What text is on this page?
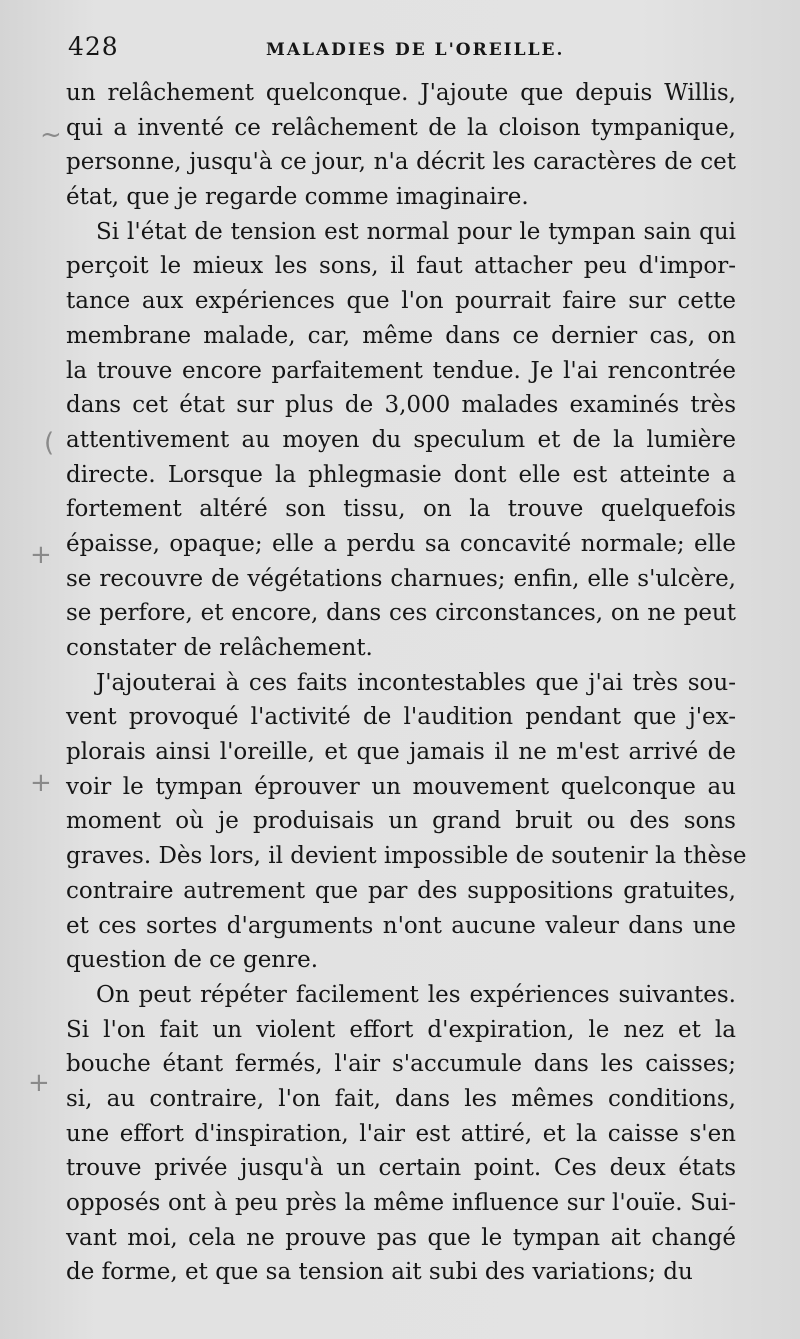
428	MALADIES DE L'OREILLE.
~
(
+
+
+
un relâchement quelconque. J'ajoute que depuis Willis,
qui a inventé ce relâchement de la cloison tympanique,
personne, jusqu'à ce jour, n'a décrit les caractères de cet
état, que je regarde comme imaginaire.
Si l'état de tension est normal pour le tympan sain qui
perçoit le mieux les sons, il faut attacher peu d'impor-
tance aux expériences que l'on pourrait faire sur cette
membrane malade, car, même dans ce dernier cas, on
la trouve encore parfaitement tendue. Je l'ai rencontrée
dans cet état sur plus de 3,000 malades examinés très
attentivement au moyen du speculum et de la lumière
directe. Lorsque la phlegmasie dont elle est atteinte a
fortement altéré son tissu, on la trouve quelquefois
épaisse, opaque; elle a perdu sa concavité normale; elle
se recouvre de végétations charnues; enfin, elle s'ulcère,
se perfore, et encore, dans ces circonstances, on ne peut
constater de relâchement.
J'ajouterai à ces faits incontestables que j'ai très sou-
vent provoqué l'activité de l'audition pendant que j'ex-
plorais ainsi l'oreille, et que jamais il ne m'est arrivé de
voir le tympan éprouver un mouvement quelconque au
moment où je produisais un grand bruit ou des sons
graves. Dès lors, il devient impossible de soutenir la thèse
contraire autrement que par des suppositions gratuites,
et ces sortes d'arguments n'ont aucune valeur dans une
question de ce genre.
On peut répéter facilement les expériences suivantes.
Si l'on fait un violent effort d'expiration, le nez et la
bouche étant fermés, l'air s'accumule dans les caisses;
si, au contraire, l'on fait, dans les mêmes conditions,
une effort d'inspiration, l'air est attiré, et la caisse s'en
trouve privée jusqu'à un certain point. Ces deux états
opposés ont à peu près la même influence sur l'ouïe. Sui-
vant moi, cela ne prouve pas que le tympan ait changé
de forme, et que sa tension ait subi des variations; du
